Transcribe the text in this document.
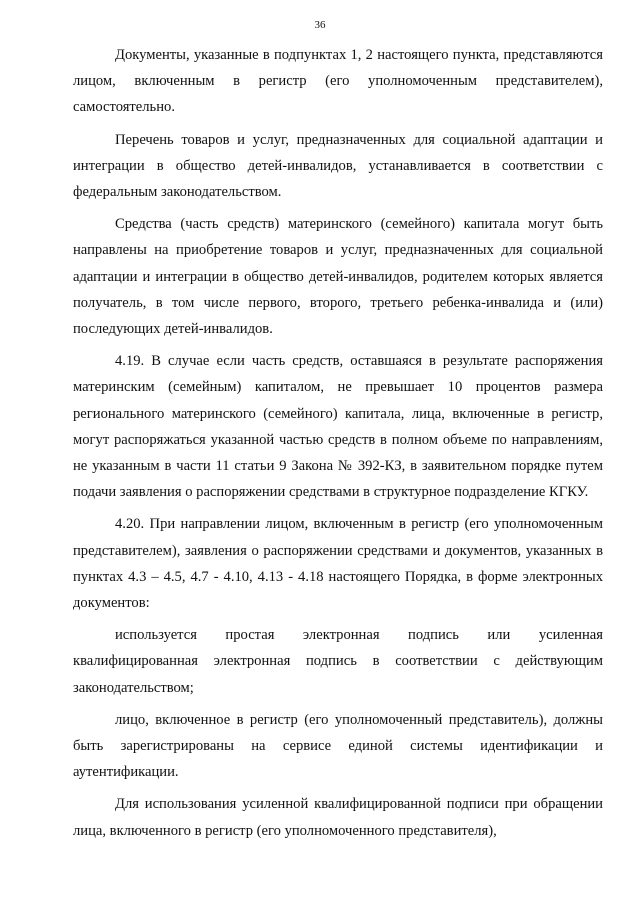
36

Документы, указанные в подпунктах 1, 2 настоящего пункта, представляются лицом, включенным в регистр (его уполномоченным представителем), самостоятельно.

Перечень товаров и услуг, предназначенных для социальной адаптации и интеграции в общество детей-инвалидов, устанавливается в соответствии с федеральным законодательством.

Средства (часть средств) материнского (семейного) капитала могут быть направлены на приобретение товаров и услуг, предназначенных для социальной адаптации и интеграции в общество детей-инвалидов, родителем которых является получатель, в том числе первого, второго, третьего ребенка-инвалида и (или) последующих детей-инвалидов.

4.19. В случае если часть средств, оставшаяся в результате распоряжения материнским (семейным) капиталом, не превышает 10 процентов размера регионального материнского (семейного) капитала, лица, включенные в регистр, могут распоряжаться указанной частью средств в полном объеме по направлениям, не указанным в части 11 статьи 9 Закона № 392-КЗ, в заявительном порядке путем подачи заявления о распоряжении средствами в структурное подразделение КГКУ.

4.20. При направлении лицом, включенным в регистр (его уполномоченным представителем), заявления о распоряжении средствами и документов, указанных в пунктах 4.3 – 4.5, 4.7 - 4.10, 4.13 - 4.18 настоящего Порядка, в форме электронных документов:

используется простая электронная подпись или усиленная квалифицированная электронная подпись в соответствии с действующим законодательством;

лицо, включенное в регистр (его уполномоченный представитель), должны быть зарегистрированы на сервисе единой системы идентификации и аутентификации.

Для использования усиленной квалифицированной подписи при обращении лица, включенного в регистр (его уполномоченного представителя),
